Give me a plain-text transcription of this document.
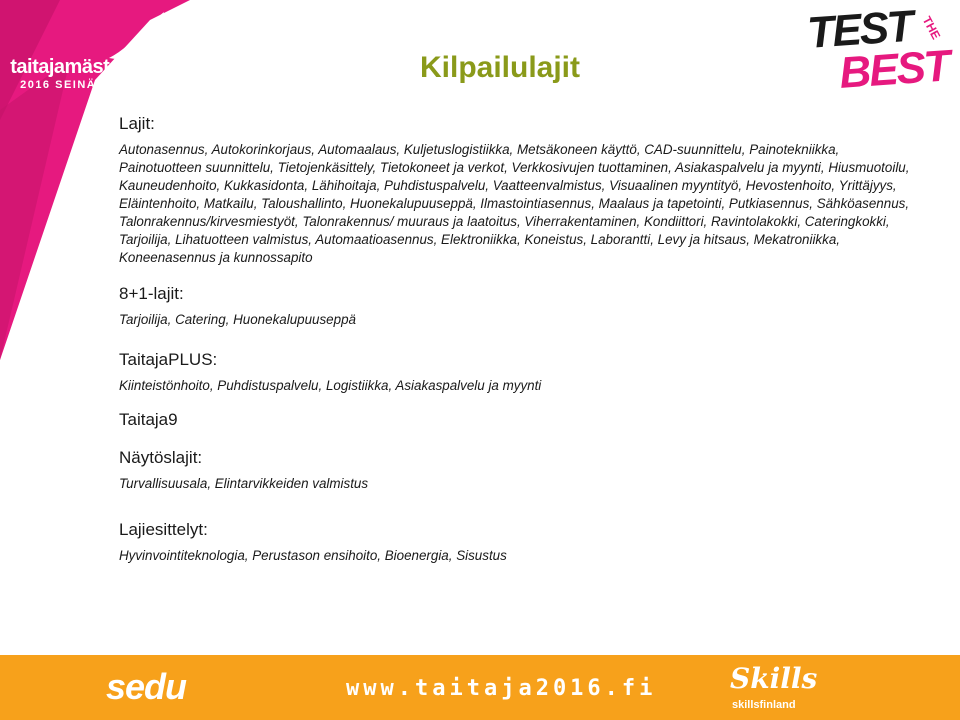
taitajamästare
2016 SEINÄJOKI
TEST THE
BEST
Kilpailulajit

Lajit:

Autonasennus, Autokorinkorjaus, Automaalaus, Kuljetuslogistiikka, Metsäkoneen käyttö, CAD-suunnittelu, Painotekniikka, Painotuotteen suunnittelu, Tietojenkäsittely, Tietokoneet ja verkot, Verkkosivujen tuottaminen, Asiakaspalvelu ja myynti, Hiusmuotoilu, Kauneudenhoito, Kukkasidonta, Lähihoitaja, Puhdistuspalvelu, Vaatteenvalmistus, Visuaalinen myyntityö, Hevostenhoito, Yrittäjyys, Eläintenhoito, Matkailu, Taloushallinto, Huonekalupuuseppä, Ilmastointiasennus, Maalaus ja tapetointi, Putkiasennus, Sähköasennus, Talonrakennus/kirvesmiestyöt, Talonrakennus/ muuraus ja laatoitus, Viherrakentaminen, Kondiittori, Ravintolakokki, Cateringkokki, Tarjoilija, Lihatuotteen valmistus, Automaatioasennus, Elektroniikka, Koneistus, Laborantti, Levy ja hitsaus, Mekatroniikka, Koneenasennus ja kunnossapito

8+1-lajit:

Tarjoilija, Catering, Huonekalupuuseppä

TaitajaPLUS:

Kiinteistönhoito, Puhdistuspalvelu, Logistiikka, Asiakaspalvelu ja myynti

Taitaja9

Näytöslajit:

Turvallisuusala, Elintarvikkeiden valmistus

Lajiesittelyt:

Hyvinvointiteknologia, Perustason ensihoito, Bioenergia, Sisustus

sedu	www.taitaja2016.fi	Skills
skillsfinland
